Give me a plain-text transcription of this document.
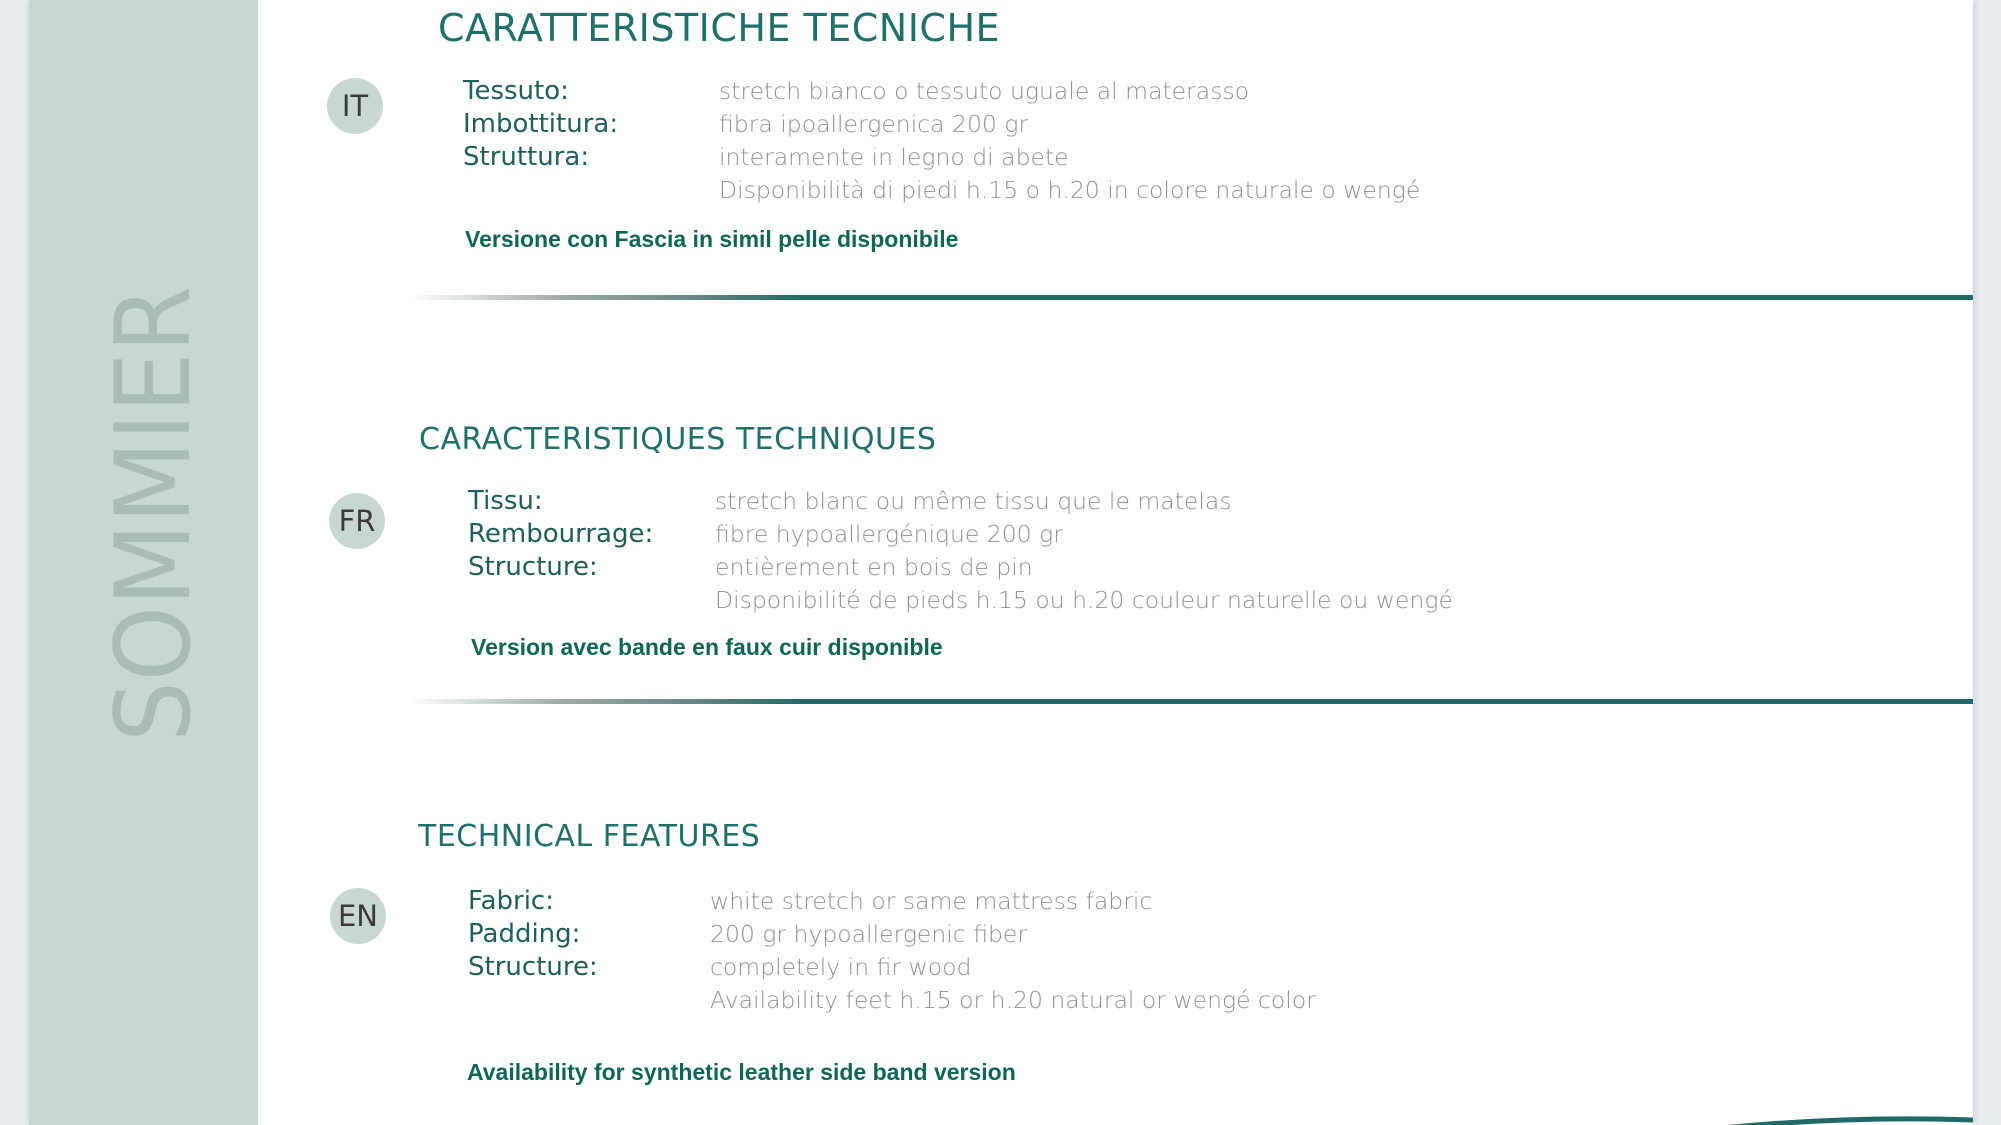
CARATTERISTICHE TECNICHE
IT	Tessuto:	stretch bianco o tessuto uguale al materasso
Imbottitura:	fibra ipoallergenica 200 gr
Struttura:	interamente in legno di abete
Disponibilità di piedi h.15 o h.20 in colore naturale o wengé

Versione con Fascia in simil pelle disponibile

CARACTERISTIQUES TECHNIQUES
FR
Tissu:	stretch blanc ou même tissu que le matelas
Rembourrage:	fibre hypoallergénique 200 gr
Structure:	entièrement en bois de pin
Disponibilité de pieds h.15 ou h.20 couleur naturelle ou wengé

Version avec bande en faux cuir disponible

TECHNICAL FEATURES
EN	Fabric:	white stretch or same mattress fabric
Padding:	200 gr hypoallergenic fiber
Structure:	completely in fir wood
Availability feet h.15 or h.20 natural or wengé color

Availability for synthetic leather side band version

SOMMIER
